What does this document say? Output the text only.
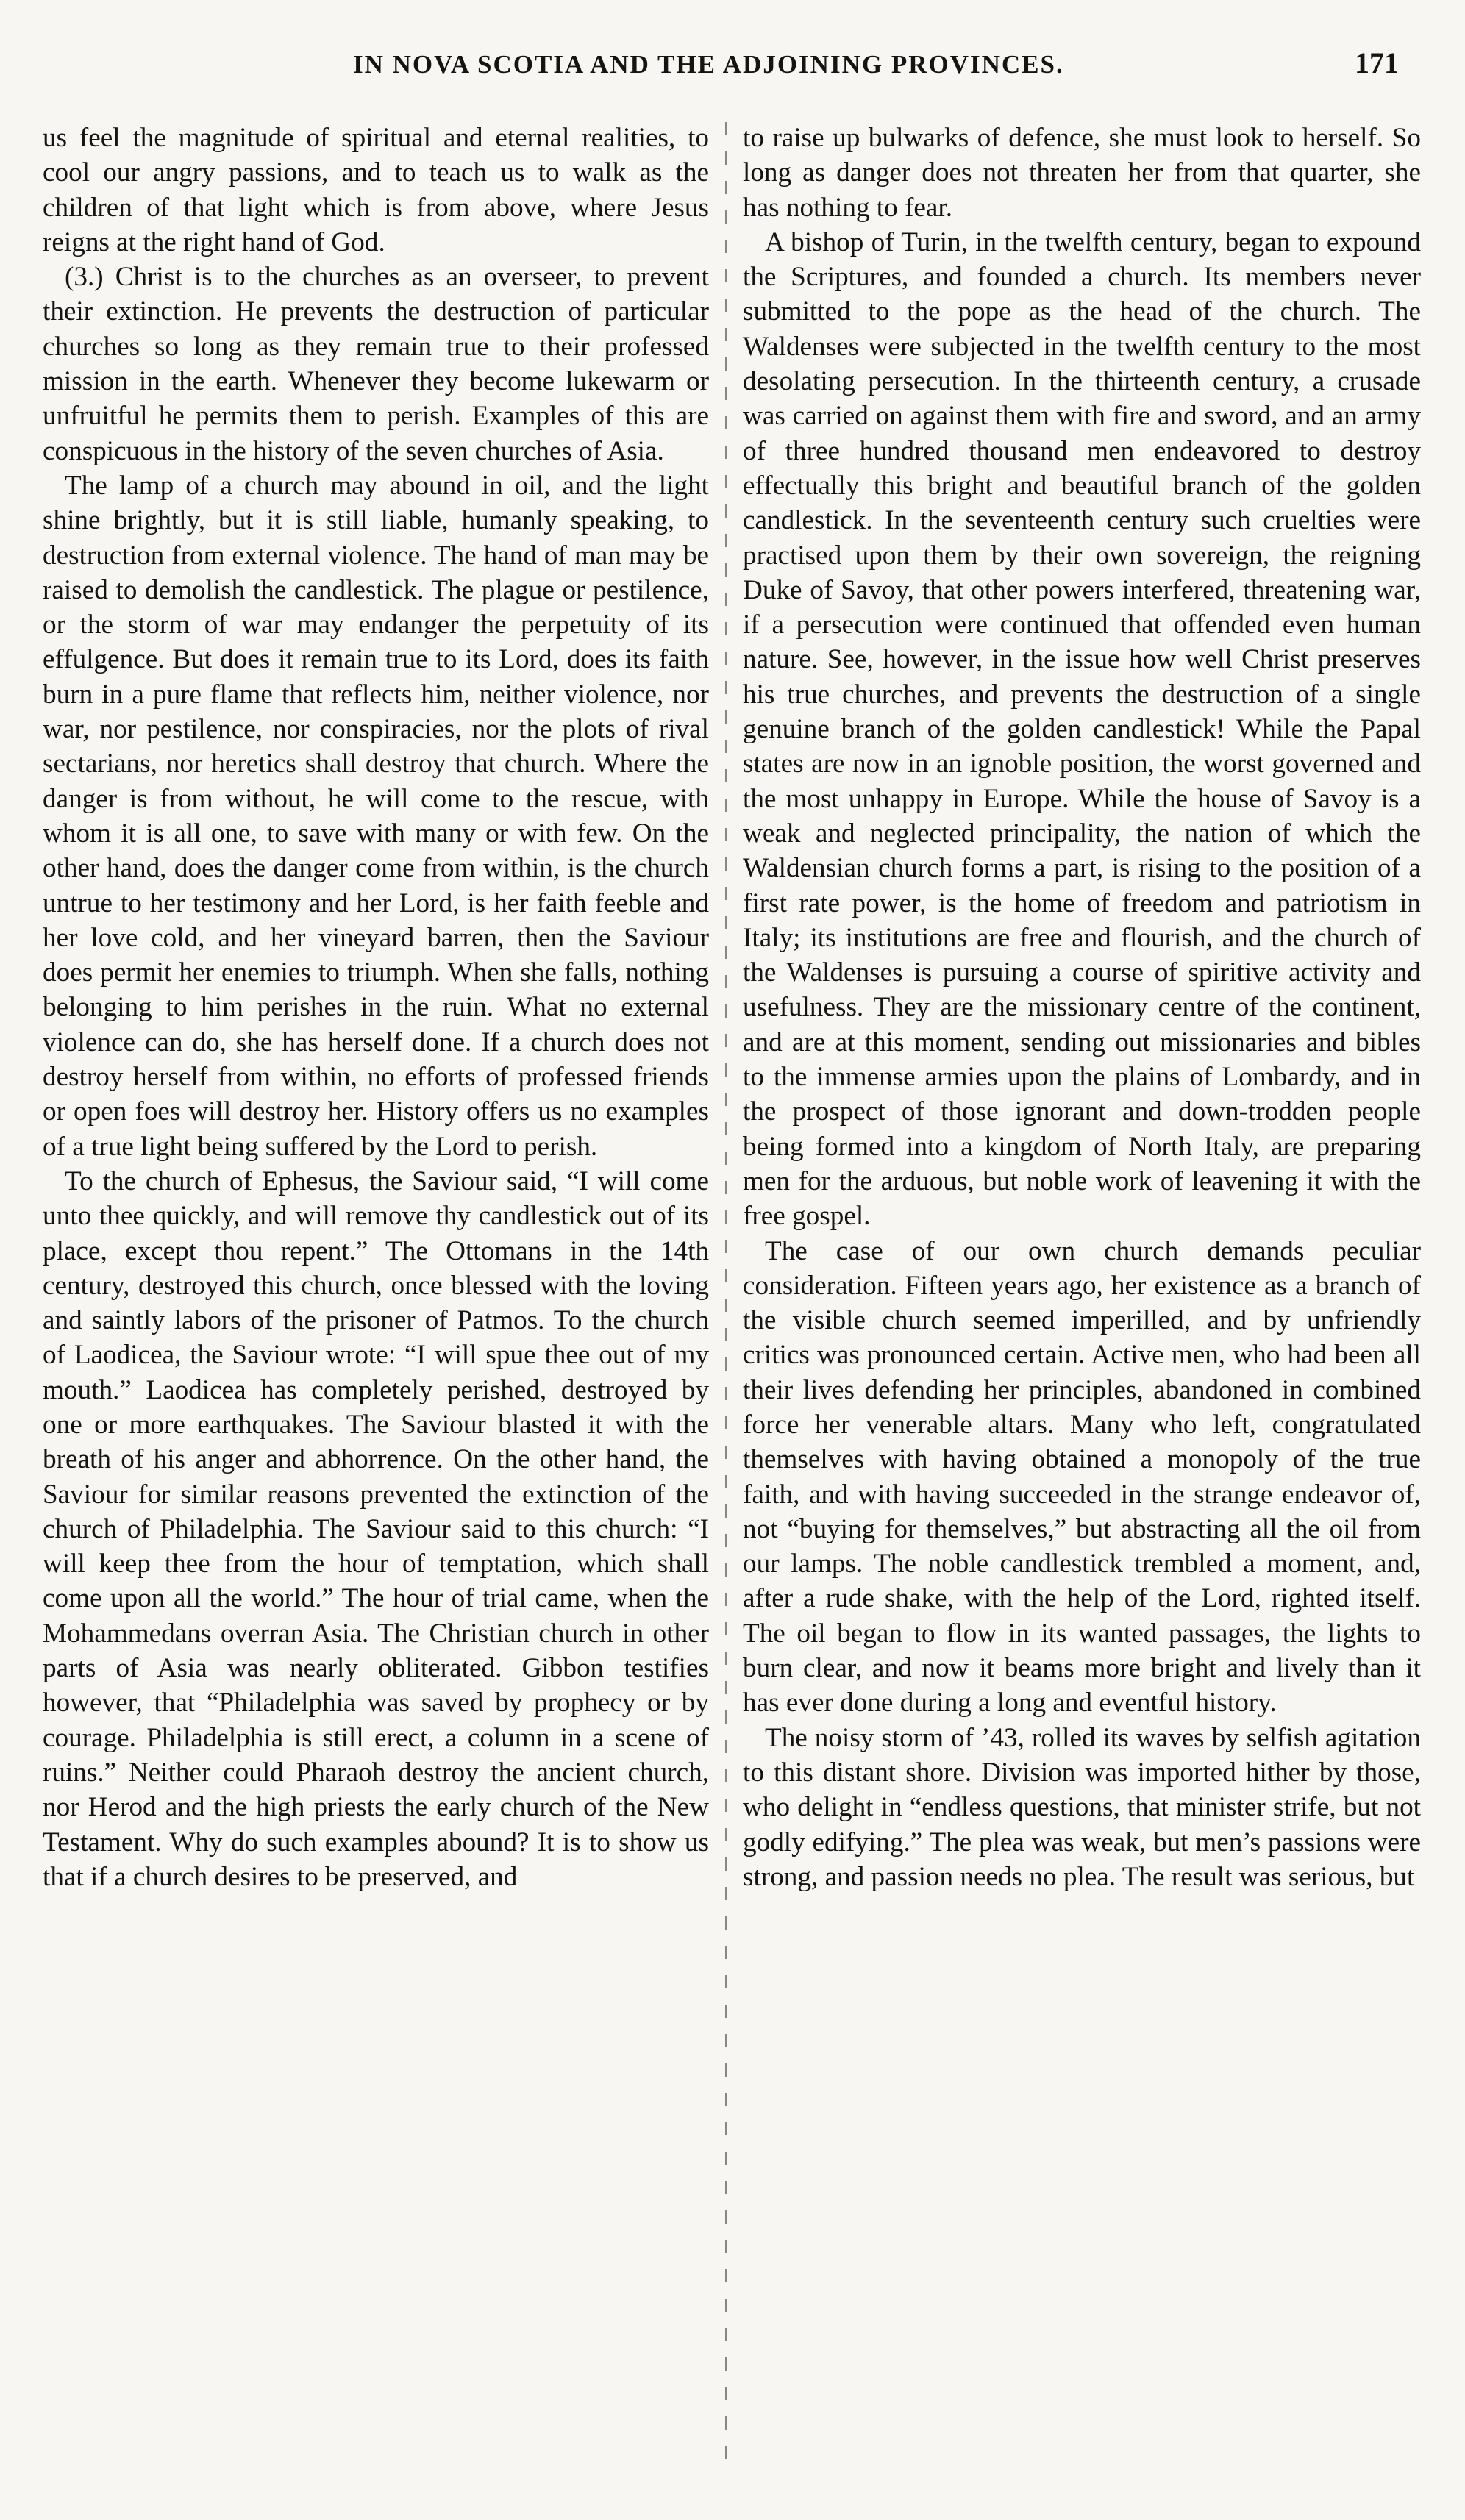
IN NOVA SCOTIA AND THE ADJOINING PROVINCES.	171

us feel the magnitude of spiritual and eternal realities, to cool our angry passions, and to teach us to walk as the children of that light which is from above, where Jesus reigns at the right hand of God.

(3.) Christ is to the churches as an overseer, to prevent their extinction. He prevents the destruction of particular churches so long as they remain true to their professed mission in the earth. Whenever they become lukewarm or unfruitful he permits them to perish. Examples of this are conspicuous in the history of the seven churches of Asia.

The lamp of a church may abound in oil, and the light shine brightly, but it is still liable, humanly speaking, to destruction from external violence. The hand of man may be raised to demolish the candlestick. The plague or pestilence, or the storm of war may endanger the perpetuity of its effulgence. But does it remain true to its Lord, does its faith burn in a pure flame that reflects him, neither violence, nor war, nor pestilence, nor conspiracies, nor the plots of rival sectarians, nor heretics shall destroy that church. Where the danger is from without, he will come to the rescue, with whom it is all one, to save with many or with few. On the other hand, does the danger come from within, is the church untrue to her testimony and her Lord, is her faith feeble and her love cold, and her vineyard barren, then the Saviour does permit her enemies to triumph. When she falls, nothing belonging to him perishes in the ruin. What no external violence can do, she has herself done. If a church does not destroy herself from within, no efforts of professed friends or open foes will destroy her. History offers us no examples of a true light being suffered by the Lord to perish.

To the church of Ephesus, the Saviour said, “I will come unto thee quickly, and will remove thy candlestick out of its place, except thou repent.” The Ottomans in the 14th century, destroyed this church, once blessed with the loving and saintly labors of the prisoner of Patmos. To the church of Laodicea, the Saviour wrote: “I will spue thee out of my mouth.” Laodicea has completely perished, destroyed by one or more earthquakes. The Saviour blasted it with the breath of his anger and abhorrence. On the other hand, the Saviour for similar reasons prevented the extinction of the church of Philadelphia. The Saviour said to this church: “I will keep thee from the hour of temptation, which shall come upon all the world.” The hour of trial came, when the Mohammedans overran Asia. The Christian church in other parts of Asia was nearly obliterated. Gibbon testifies however, that “Philadelphia was saved by prophecy or by courage. Philadelphia is still erect, a column in a scene of ruins.” Neither could Pharaoh destroy the ancient church, nor Herod and the high priests the early church of the New Testament. Why do such examples abound? It is to show us that if a church desires to be preserved, and

to raise up bulwarks of defence, she must look to herself. So long as danger does not threaten her from that quarter, she has nothing to fear.

A bishop of Turin, in the twelfth century, began to expound the Scriptures, and founded a church. Its members never submitted to the pope as the head of the church. The Waldenses were subjected in the twelfth century to the most desolating persecution. In the thirteenth century, a crusade was carried on against them with fire and sword, and an army of three hundred thousand men endeavored to destroy effectually this bright and beautiful branch of the golden candlestick. In the seventeenth century such cruelties were practised upon them by their own sovereign, the reigning Duke of Savoy, that other powers interfered, threatening war, if a persecution were continued that offended even human nature. See, however, in the issue how well Christ preserves his true churches, and prevents the destruction of a single genuine branch of the golden candlestick! While the Papal states are now in an ignoble position, the worst governed and the most unhappy in Europe. While the house of Savoy is a weak and neglected principality, the nation of which the Waldensian church forms a part, is rising to the position of a first rate power, is the home of freedom and patriotism in Italy; its institutions are free and flourish, and the church of the Waldenses is pursuing a course of spiritive activity and usefulness. They are the missionary centre of the continent, and are at this moment, sending out missionaries and bibles to the immense armies upon the plains of Lombardy, and in the prospect of those ignorant and down-trodden people being formed into a kingdom of North Italy, are preparing men for the arduous, but noble work of leavening it with the free gospel.

The case of our own church demands peculiar consideration. Fifteen years ago, her existence as a branch of the visible church seemed imperilled, and by unfriendly critics was pronounced certain. Active men, who had been all their lives defending her principles, abandoned in combined force her venerable altars. Many who left, congratulated themselves with having obtained a monopoly of the true faith, and with having succeeded in the strange endeavor of, not “buying for themselves,” but abstracting all the oil from our lamps. The noble candlestick trembled a moment, and, after a rude shake, with the help of the Lord, righted itself. The oil began to flow in its wanted passages, the lights to burn clear, and now it beams more bright and lively than it has ever done during a long and eventful history.

The noisy storm of ’43, rolled its waves by selfish agitation to this distant shore. Division was imported hither by those, who delight in “endless questions, that minister strife, but not godly edifying.” The plea was weak, but men’s passions were strong, and passion needs no plea. The result was serious, but
